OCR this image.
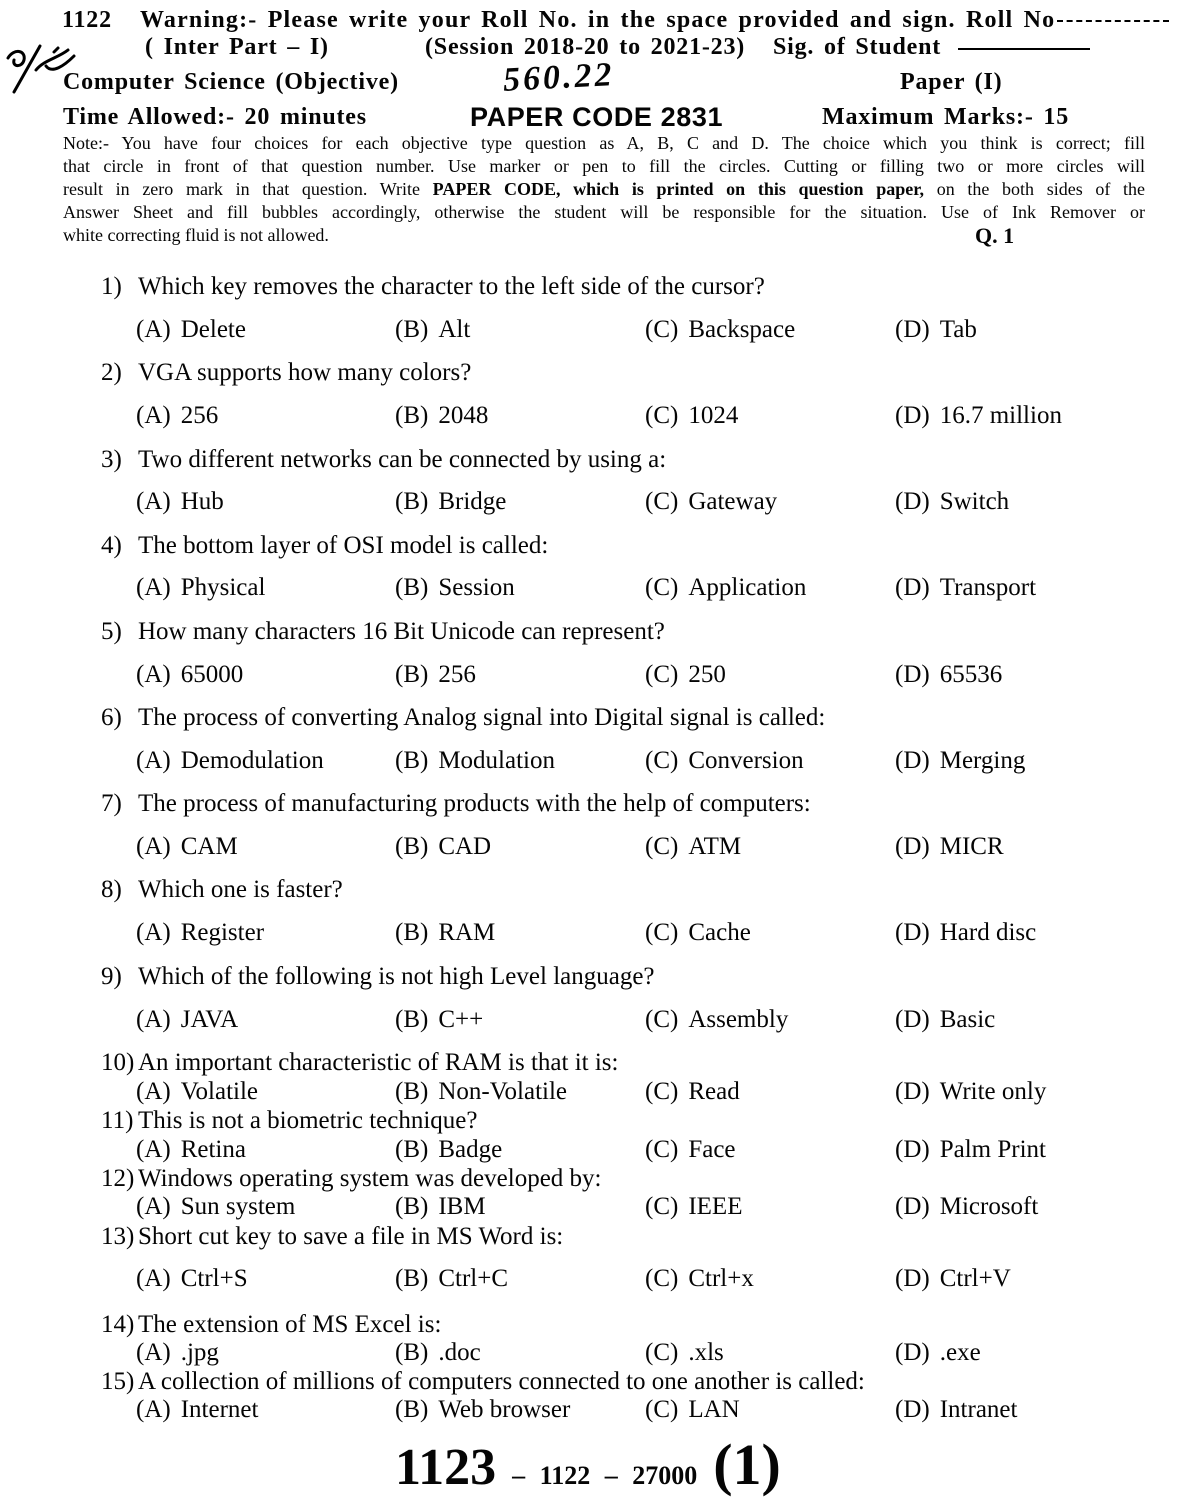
1122 Warning:- Please write your Roll No. in the space provided and sign. Roll No
( Inter Part – I)	(Session 2018-20 to 2021-23) Sig. of Student
Computer Science (Objective)	560.22	Paper (I)
Time Allowed:- 20 minutes	PAPER CODE 2831	Maximum Marks:- 15
Note:- You have four choices for each objective type question as A, B, C and D. The choice which you think is correct; fill
that circle in front of that question number. Use marker or pen to fill the circles. Cutting or filling two or more circles will
result in zero mark in that question. Write PAPER CODE, which is printed on this question paper, on the both sides of the
Answer Sheet and fill bubbles accordingly, otherwise the student will be responsible for the situation. Use of Ink Remover or
white correcting fluid is not allowed.	Q. 1
1) Which key removes the character to the left side of the cursor?
(A) Delete	(B) Alt	(C) Backspace	(D) Tab
2) VGA supports how many colors?
(A) 256	(B) 2048	(C) 1024	(D) 16.7 million
3) Two different networks can be connected by using a:
(A) Hub	(B) Bridge	(C) Gateway	(D) Switch
4) The bottom layer of OSI model is called:
(A) Physical	(B) Session	(C) Application	(D) Transport
5) How many characters 16 Bit Unicode can represent?
(A) 65000	(B) 256	(C) 250	(D) 65536
6) The process of converting Analog signal into Digital signal is called:
(A) Demodulation	(B) Modulation	(C) Conversion	(D) Merging
7) The process of manufacturing products with the help of computers:
(A) CAM	(B) CAD	(C) ATM	(D) MICR
8) Which one is faster?
(A) Register	(B) RAM	(C) Cache	(D) Hard disc
9) Which of the following is not high Level language?
(A) JAVA	(B) C++	(C) Assembly	(D) Basic
10) An important characteristic of RAM is that it is:
(A) Volatile	(B) Non-Volatile	(C) Read	(D) Write only
11) This is not a biometric technique?
(A) Retina	(B) Badge	(C) Face	(D) Palm Print
12) Windows operating system was developed by:
(A) Sun system	(B) IBM	(C) IEEE	(D) Microsoft
13) Short cut key to save a file in MS Word is:
(A) Ctrl+S	(B) Ctrl+C	(C) Ctrl+x	(D) Ctrl+V
14) The extension of MS Excel is:
(A) .jpg	(B) .doc	(C) .xls	(D) .exe
15) A collection of millions of computers connected to one another is called:
(A) Internet	(B) Web browser	(C) LAN	(D) Intranet
1123 – 1122 – 27000 (1)
